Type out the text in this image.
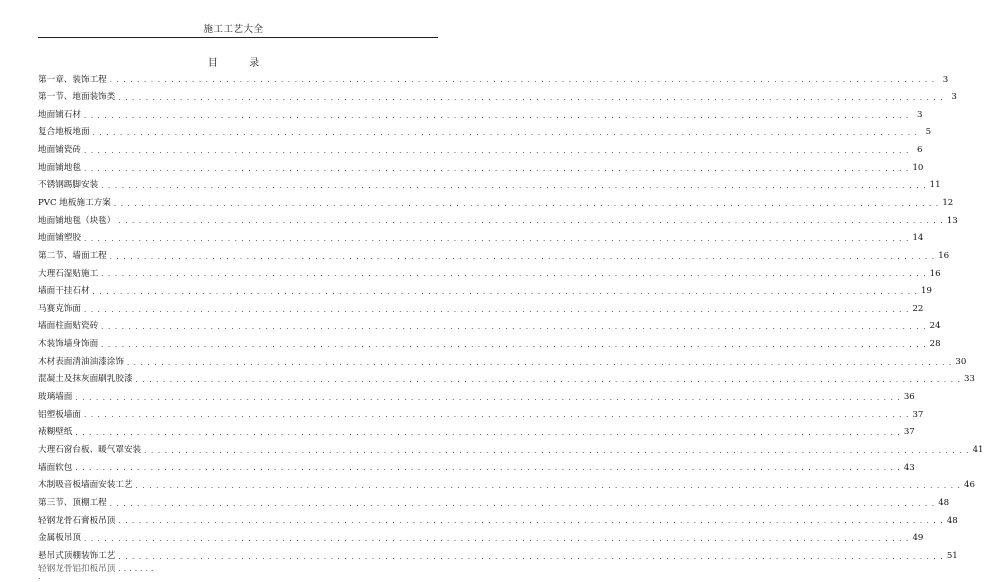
施工工艺大全
目 录
第一章、装饰工程 . . .	3
第一节、地面装饰类 . . .	3
地面铺石材 . . .	3
复合地板地面 . . .	5
地面铺瓷砖 . . .	6
地面铺地毯 . . .	10
不锈钢踢脚安装 . . .	11
PVC 地板施工方案 . . .	12
地面铺地毯（块毯） . . .	13
地面铺塑胶 . . .	14
第二节、墙面工程 . . .	16
大理石湿贴施工 . . .	16
墙面干挂石材 . . .	19
马赛克饰面 . . .	22
墙面柱面贴瓷砖 . . .	24
木装饰墙身饰面 . . .	28
木材表面清油油漆涂饰 . . .	30
混凝土及抹灰面刷乳胶漆 . . .	33
玻璃墙面 . . .	36
铝塑板墙面 . . .	37
裱糊壁纸 . . .	37
大理石窗台板、暖气罩安装 . . .	41
墙面软包 . . .	43
木制吸音板墙面安装工艺 . . .	46
第三节、顶棚工程 . . .	48
轻钢龙骨石膏板吊顶 . . .	48
金属板吊顶 . . .	49
悬吊式顶棚装饰工艺 . . .	51
轻钢龙骨铝扣板吊顶 . . . . . . . .
